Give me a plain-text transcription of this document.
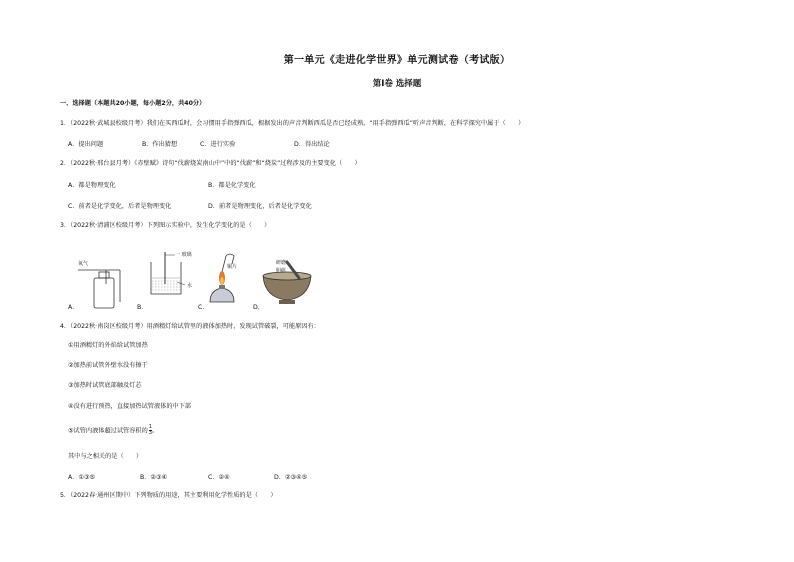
第一单元《走进化学世界》单元测试卷（考试版）
第Ⅰ卷 选择题
一、选择题（本题共20小题，每小题2分，共40分）
1．（2022秋·武城县校级月考）我们在买西瓜时，会习惯用手指弹西瓜，根据发出的声音判断西瓜是否已经成熟，“用手指弹西瓜”听声音判断，在科学探究中属于（　　）
A．提出问题	B．作出猜想	C．进行实验	D．得出结论
2．（2022秋·邢台县月考）《赤壁赋》诗句“伐薪烧炭南山中”中的“伐薪”和“烧炭”过程涉及的主要变化（　　）
A．都是物理变化	B．都是化学变化
C．前者是化学变化，后者是物理变化	D．前者是物理变化，后者是化学变化
3．（2022秋·清浦区校级月考）下列图示实验中，发生化学变化的是（　　）
氧气
A．
一 玻璃
水
B．
铜片
C．
研磨
胆矾
D．
4．（2022秋·南岗区校级月考）用酒精灯给试管里的液体加热时，发现试管破裂，可能原因有：
①用酒精灯的外焰给试管加热
②加热前试管外壁水没有擦干
③加热时试管底部触及灯芯
④没有进行预热，直接加热试管液体的中下部
⑤试管内液体超过试管容积的 $\frac{1}{3}$ 。
其中与之相关的是（　　）
A．①③⑤	B．②③④	C．②④	D．②③④⑤
5．（2022春·通州区期中）下列物质的用途，其主要利用化学性质的是（　　）
